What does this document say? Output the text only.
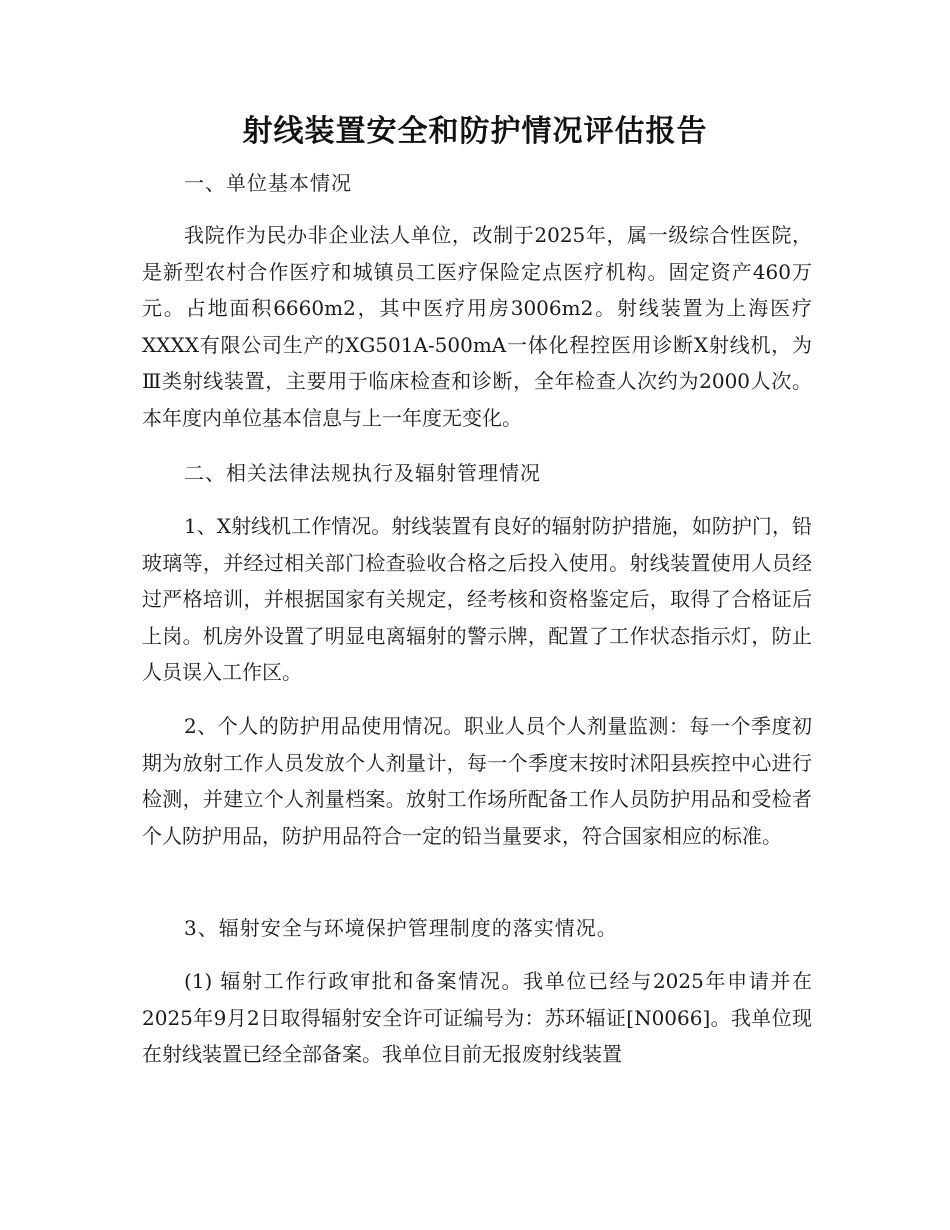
射线装置安全和防护情况评估报告

一、单位基本情况

我院作为民办非企业法人单位，改制于2025年，属一级综合性医院，是新型农村合作医疗和城镇员工医疗保险定点医疗机构。固定资产460万元。占地面积6660m2，其中医疗用房3006m2。射线装置为上海医疗XXXX有限公司生产的XG501A-500mA一体化程控医用诊断X射线机，为Ⅲ类射线装置，主要用于临床检查和诊断，全年检查人次约为2000人次。本年度内单位基本信息与上一年度无变化。

二、相关法律法规执行及辐射管理情况

1、X射线机工作情况。射线装置有良好的辐射防护措施，如防护门，铅玻璃等，并经过相关部门检查验收合格之后投入使用。射线装置使用人员经过严格培训，并根据国家有关规定，经考核和资格鉴定后，取得了合格证后上岗。机房外设置了明显电离辐射的警示牌，配置了工作状态指示灯，防止人员误入工作区。

2、个人的防护用品使用情况。职业人员个人剂量监测：每一个季度初期为放射工作人员发放个人剂量计，每一个季度末按时沭阳县疾控中心进行检测，并建立个人剂量档案。放射工作场所配备工作人员防护用品和受检者个人防护用品，防护用品符合一定的铅当量要求，符合国家相应的标准。

3、辐射安全与环境保护管理制度的落实情况。

(1) 辐射工作行政审批和备案情况。我单位已经与2025年申请并在2025年9月2日取得辐射安全许可证编号为：苏环辐证[N0066]。我单位现在射线装置已经全部备案。我单位目前无报废射线装置
